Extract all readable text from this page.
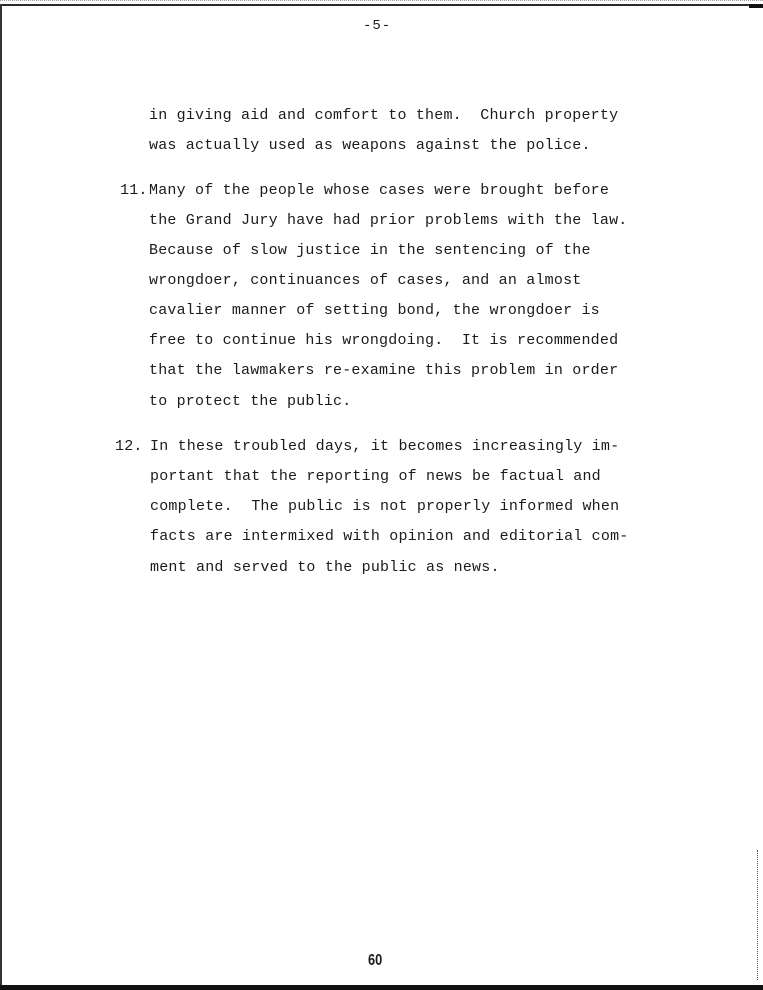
-5-
in giving aid and comfort to them.  Church property
was actually used as weapons against the police.
11. Many of the people whose cases were brought before
the Grand Jury have had prior problems with the law.
Because of slow justice in the sentencing of the
wrongdoer, continuances of cases, and an almost
cavalier manner of setting bond, the wrongdoer is
free to continue his wrongdoing.  It is recommended
that the lawmakers re-examine this problem in order
to protect the public.
12. In these troubled days, it becomes increasingly im-
portant that the reporting of news be factual and
complete.  The public is not properly informed when
facts are intermixed with opinion and editorial com-
ment and served to the public as news.
60
